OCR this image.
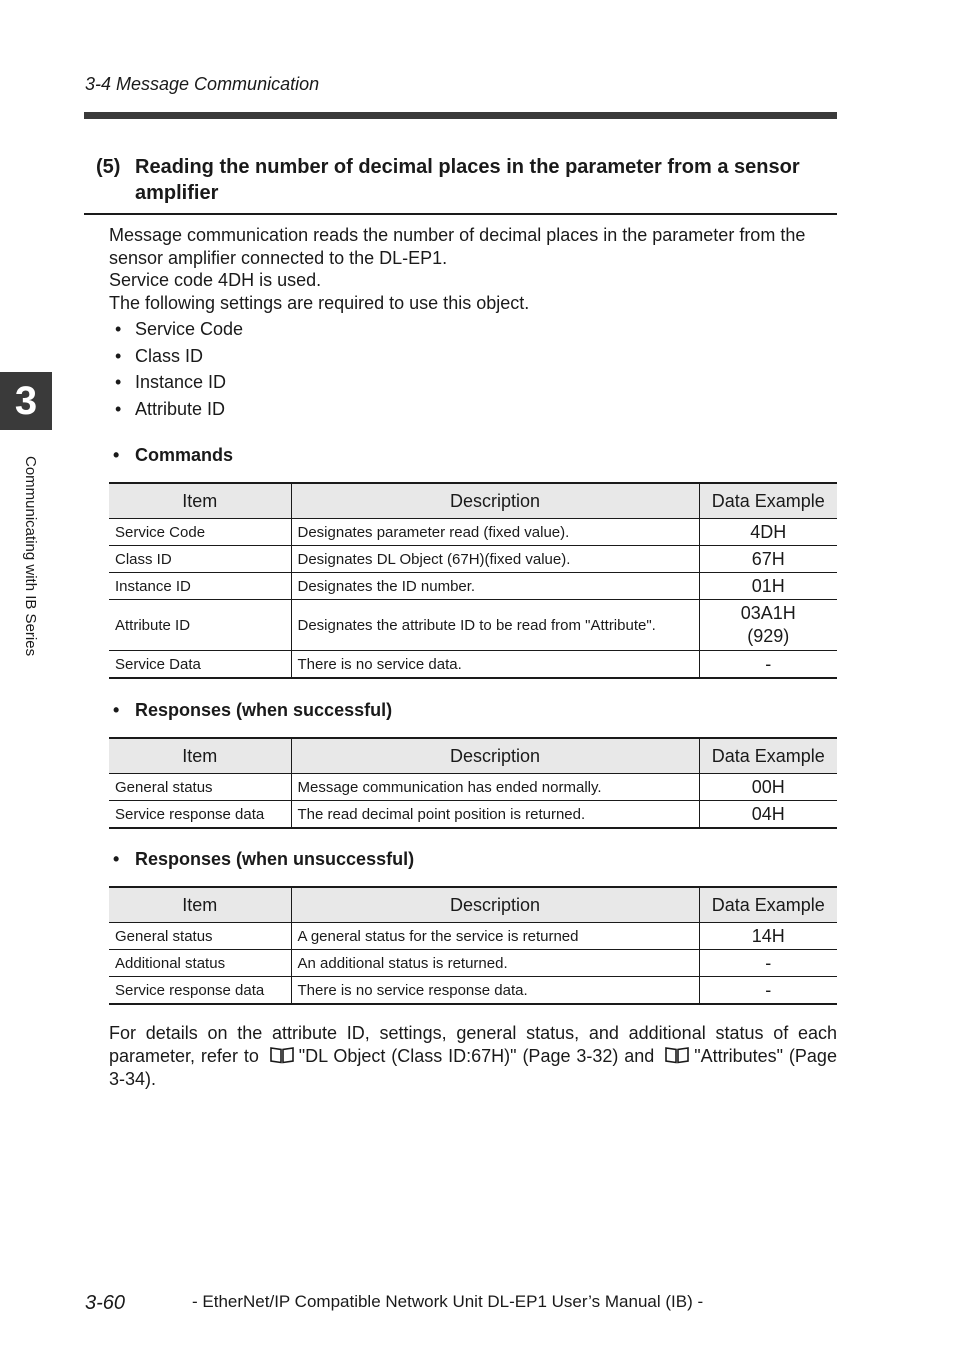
3-4 Message Communication
3
Communicating with IB Series
(5) Reading the number of decimal places in the parameter from a sensor amplifier

Message communication reads the number of decimal places in the parameter from the sensor amplifier connected to the DL-EP1.

Service code 4DH is used.

The following settings are required to use this object.

• Service Code
• Class ID
• Instance ID
• Attribute ID
• Commands
Item	Description	Data Example
Service Code	Designates parameter read (fixed value).	4DH
Class ID	Designates DL Object (67H)(fixed value).	67H
Instance ID	Designates the ID number.	01H
Attribute ID	Designates the attribute ID to be read from "Attribute".	03A1H
(929)

Service Data	There is no service data.	-
• Responses (when successful)
Item	Description	Data Example
General status	Message communication has ended normally.	00H
Service response data	The read decimal point position is returned.	04H
• Responses (when unsuccessful)
Item	Description	Data Example
General status	A general status for the service is returned	14H
Additional status	An additional status is returned.	-
Service response data	There is no service response data.	-
For details on the attribute ID, settings, general status, and additional status of each parameter, refer to "DL Object (Class ID:67H)" (Page 3-32) and "Attributes" (Page 3-34).
3-60	- EtherNet/IP Compatible Network Unit DL-EP1 User’s Manual (IB) -
